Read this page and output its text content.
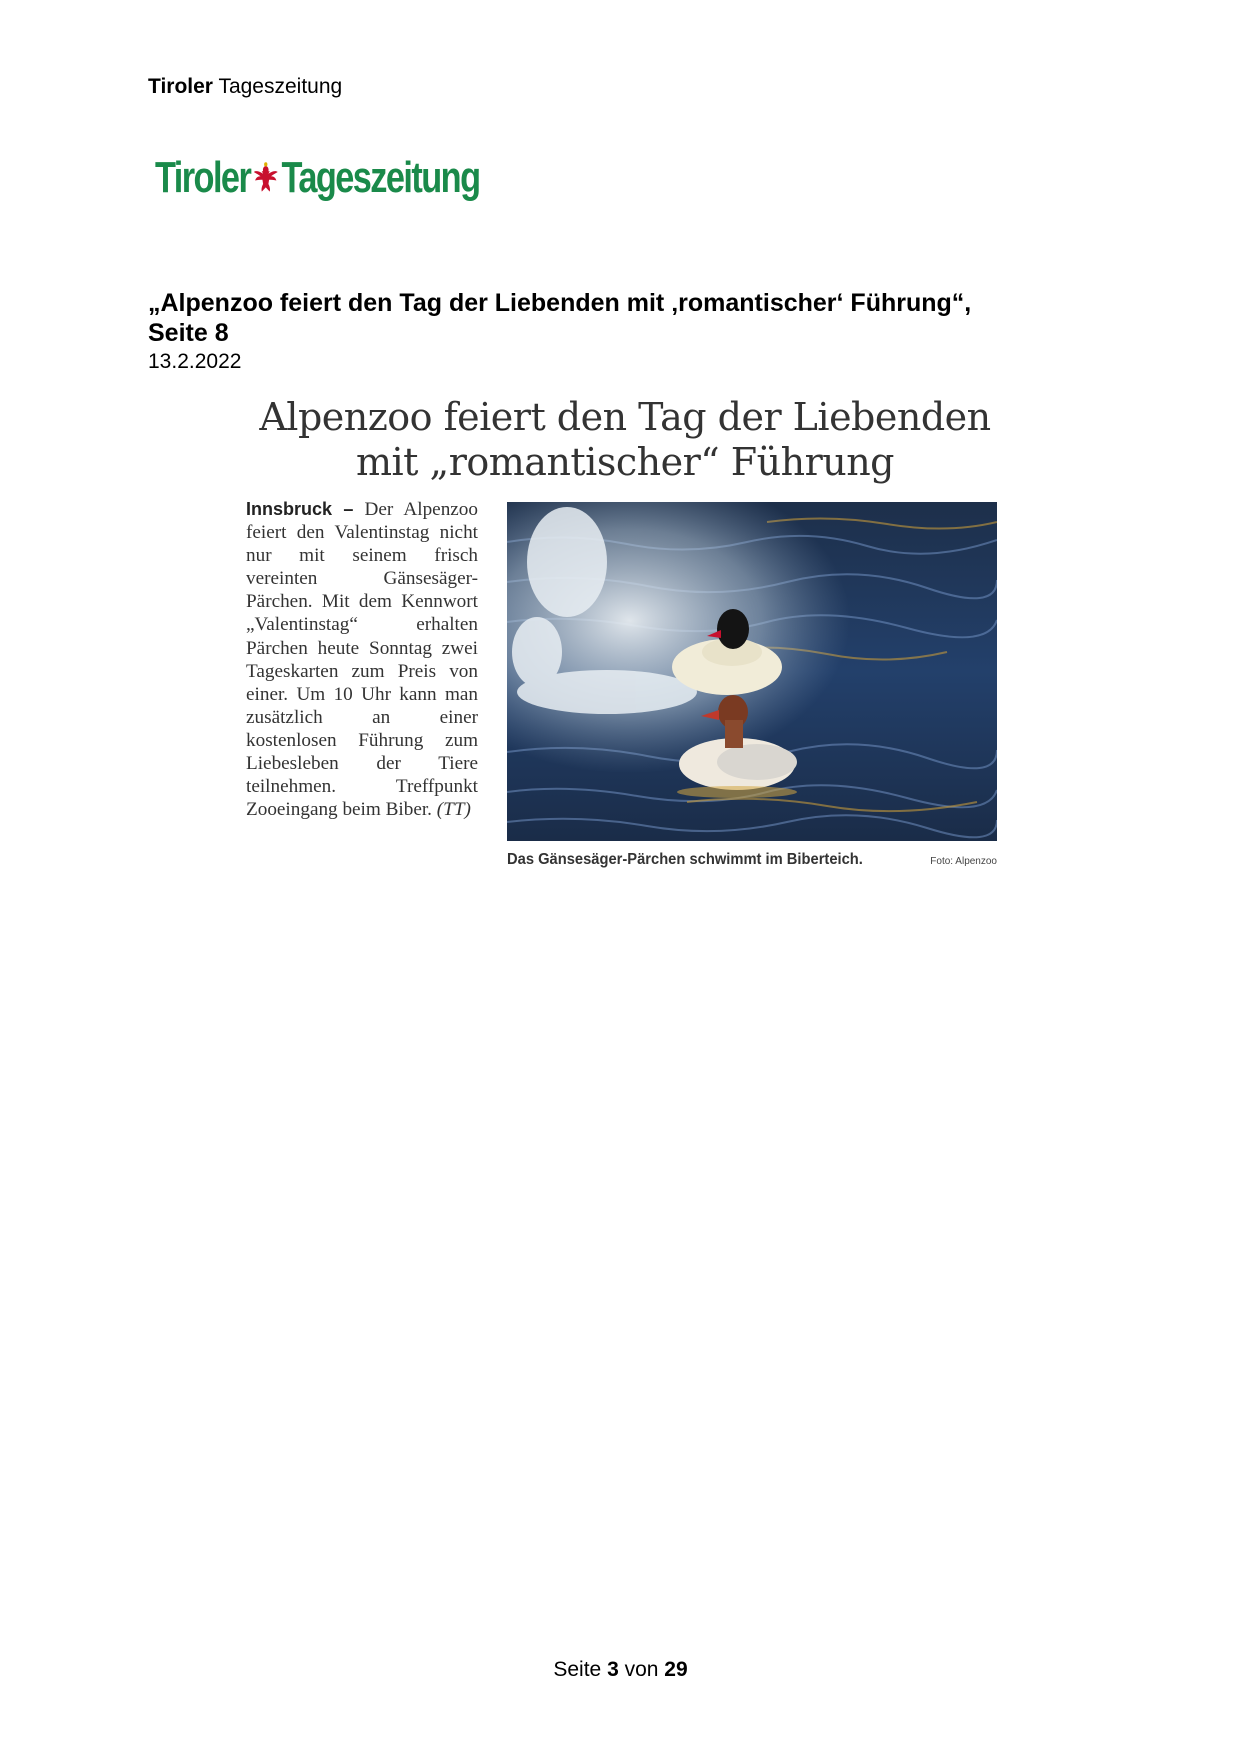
Tiroler Tageszeitung
Tiroler Tageszeitung
„Alpenzoo feiert den Tag der Liebenden mit ‚romantischer‘ Führung“,
Seite 8
13.2.2022
Alpenzoo feiert den Tag der Liebenden
mit „romantischer“ Führung
Innsbruck – Der Alpenzoo feiert den Valentinstag nicht nur mit seinem frisch vereinten Gänsesäger-Pärchen. Mit dem Kennwort „Valentinstag“ erhalten Pärchen heute Sonntag zwei Tageskarten zum Preis von einer. Um 10 Uhr kann man zusätzlich an einer kostenlosen Führung zum Liebesleben der Tiere teilnehmen. Treffpunkt Zooeingang beim Biber. (TT)
Das Gänsesäger-Pärchen schwimmt im Biberteich.	Foto: Alpenzoo
Seite 3 von 29
